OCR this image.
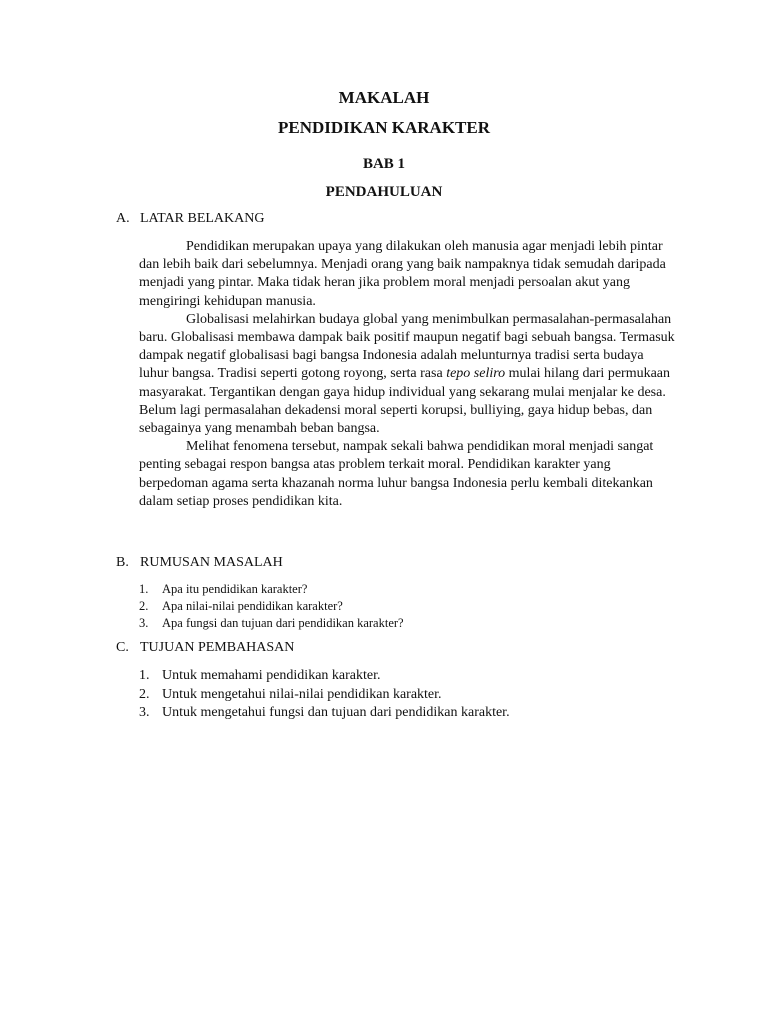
MAKALAH
PENDIDIKAN KARAKTER
BAB 1
PENDAHULUAN
A. LATAR BELAKANG

Pendidikan merupakan upaya yang dilakukan oleh manusia agar menjadi lebih pintar dan lebih baik dari sebelumnya. Menjadi orang yang baik nampaknya tidak semudah daripada menjadi yang pintar. Maka tidak heran jika problem moral menjadi persoalan akut yang mengiringi kehidupan manusia.

Globalisasi melahirkan budaya global yang menimbulkan permasalahan-permasalahan baru. Globalisasi membawa dampak baik positif maupun negatif bagi sebuah bangsa. Termasuk dampak negatif globalisasi bagi bangsa Indonesia adalah melunturnya tradisi serta budaya luhur bangsa. Tradisi seperti gotong royong, serta rasa tepo seliro mulai hilang dari permukaan masyarakat. Tergantikan dengan gaya hidup individual yang sekarang mulai menjalar ke desa. Belum lagi permasalahan dekadensi moral seperti korupsi, bulliying, gaya hidup bebas, dan sebagainya yang menambah beban bangsa.

Melihat fenomena tersebut, nampak sekali bahwa pendidikan moral menjadi sangat penting sebagai respon bangsa atas problem terkait moral. Pendidikan karakter yang berpedoman agama serta khazanah norma luhur bangsa Indonesia perlu kembali ditekankan dalam setiap proses pendidikan kita.

B. RUMUSAN MASALAH
1. Apa itu pendidikan karakter?
2. Apa nilai-nilai pendidikan karakter?
3. Apa fungsi dan tujuan dari pendidikan karakter?
C. TUJUAN PEMBAHASAN
1. Untuk memahami pendidikan karakter.
2. Untuk mengetahui nilai-nilai pendidikan karakter.
3. Untuk mengetahui fungsi dan tujuan dari pendidikan karakter.
